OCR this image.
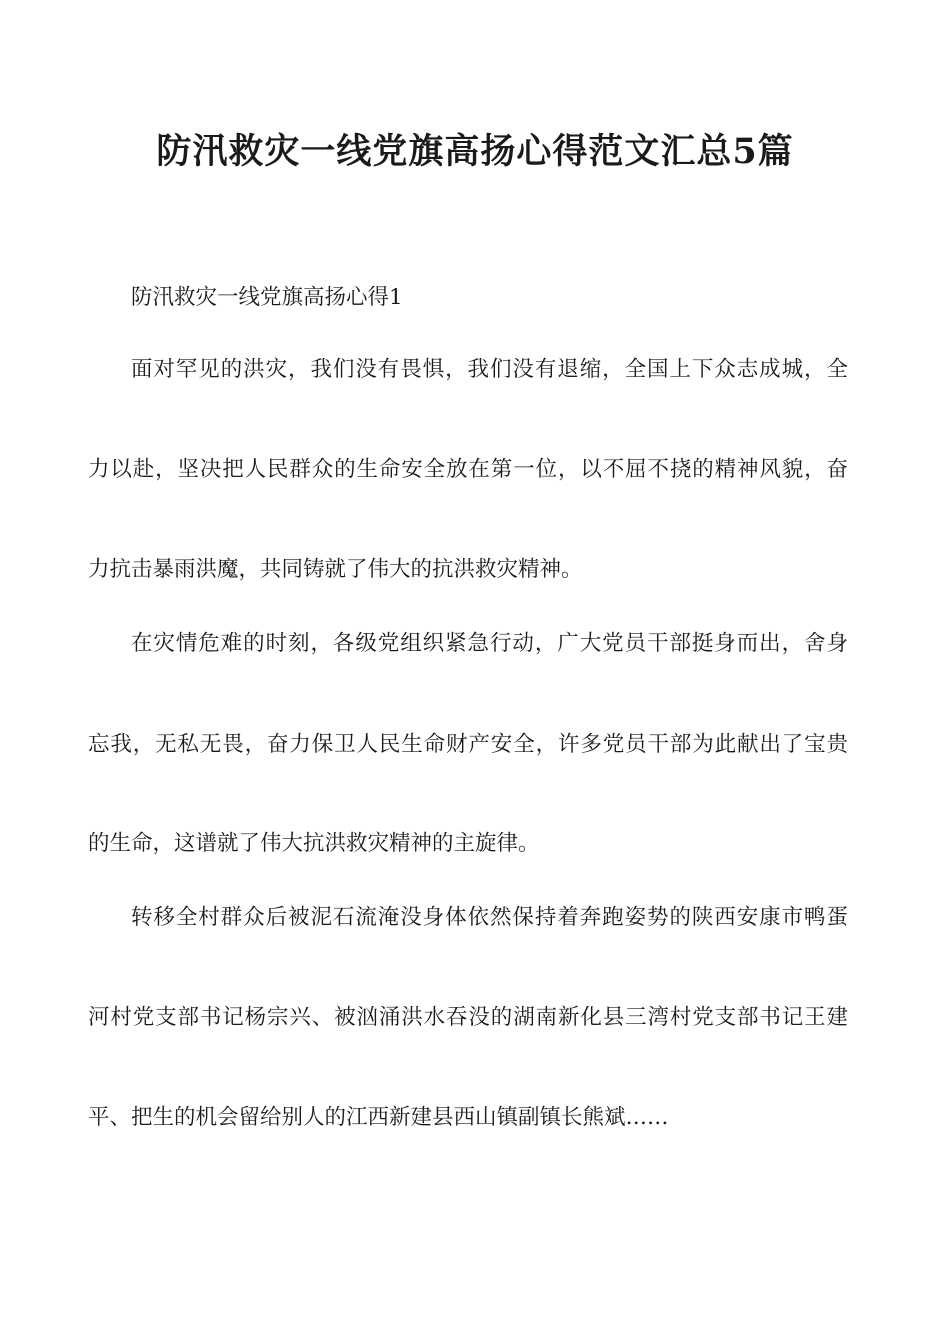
防汛救灾一线党旗高扬心得范文汇总5篇

防汛救灾一线党旗高扬心得1

面对罕见的洪灾，我们没有畏惧，我们没有退缩，全国上下众志成城，全

力以赴，坚决把人民群众的生命安全放在第一位，以不屈不挠的精神风貌，奋

力抗击暴雨洪魔，共同铸就了伟大的抗洪救灾精神。

在灾情危难的时刻，各级党组织紧急行动，广大党员干部挺身而出，舍身

忘我，无私无畏，奋力保卫人民生命财产安全，许多党员干部为此献出了宝贵

的生命，这谱就了伟大抗洪救灾精神的主旋律。

转移全村群众后被泥石流淹没身体依然保持着奔跑姿势的陕西安康市鸭蛋

河村党支部书记杨宗兴、被汹涌洪水吞没的湖南新化县三湾村党支部书记王建

平、把生的机会留给别人的江西新建县西山镇副镇长熊斌……
